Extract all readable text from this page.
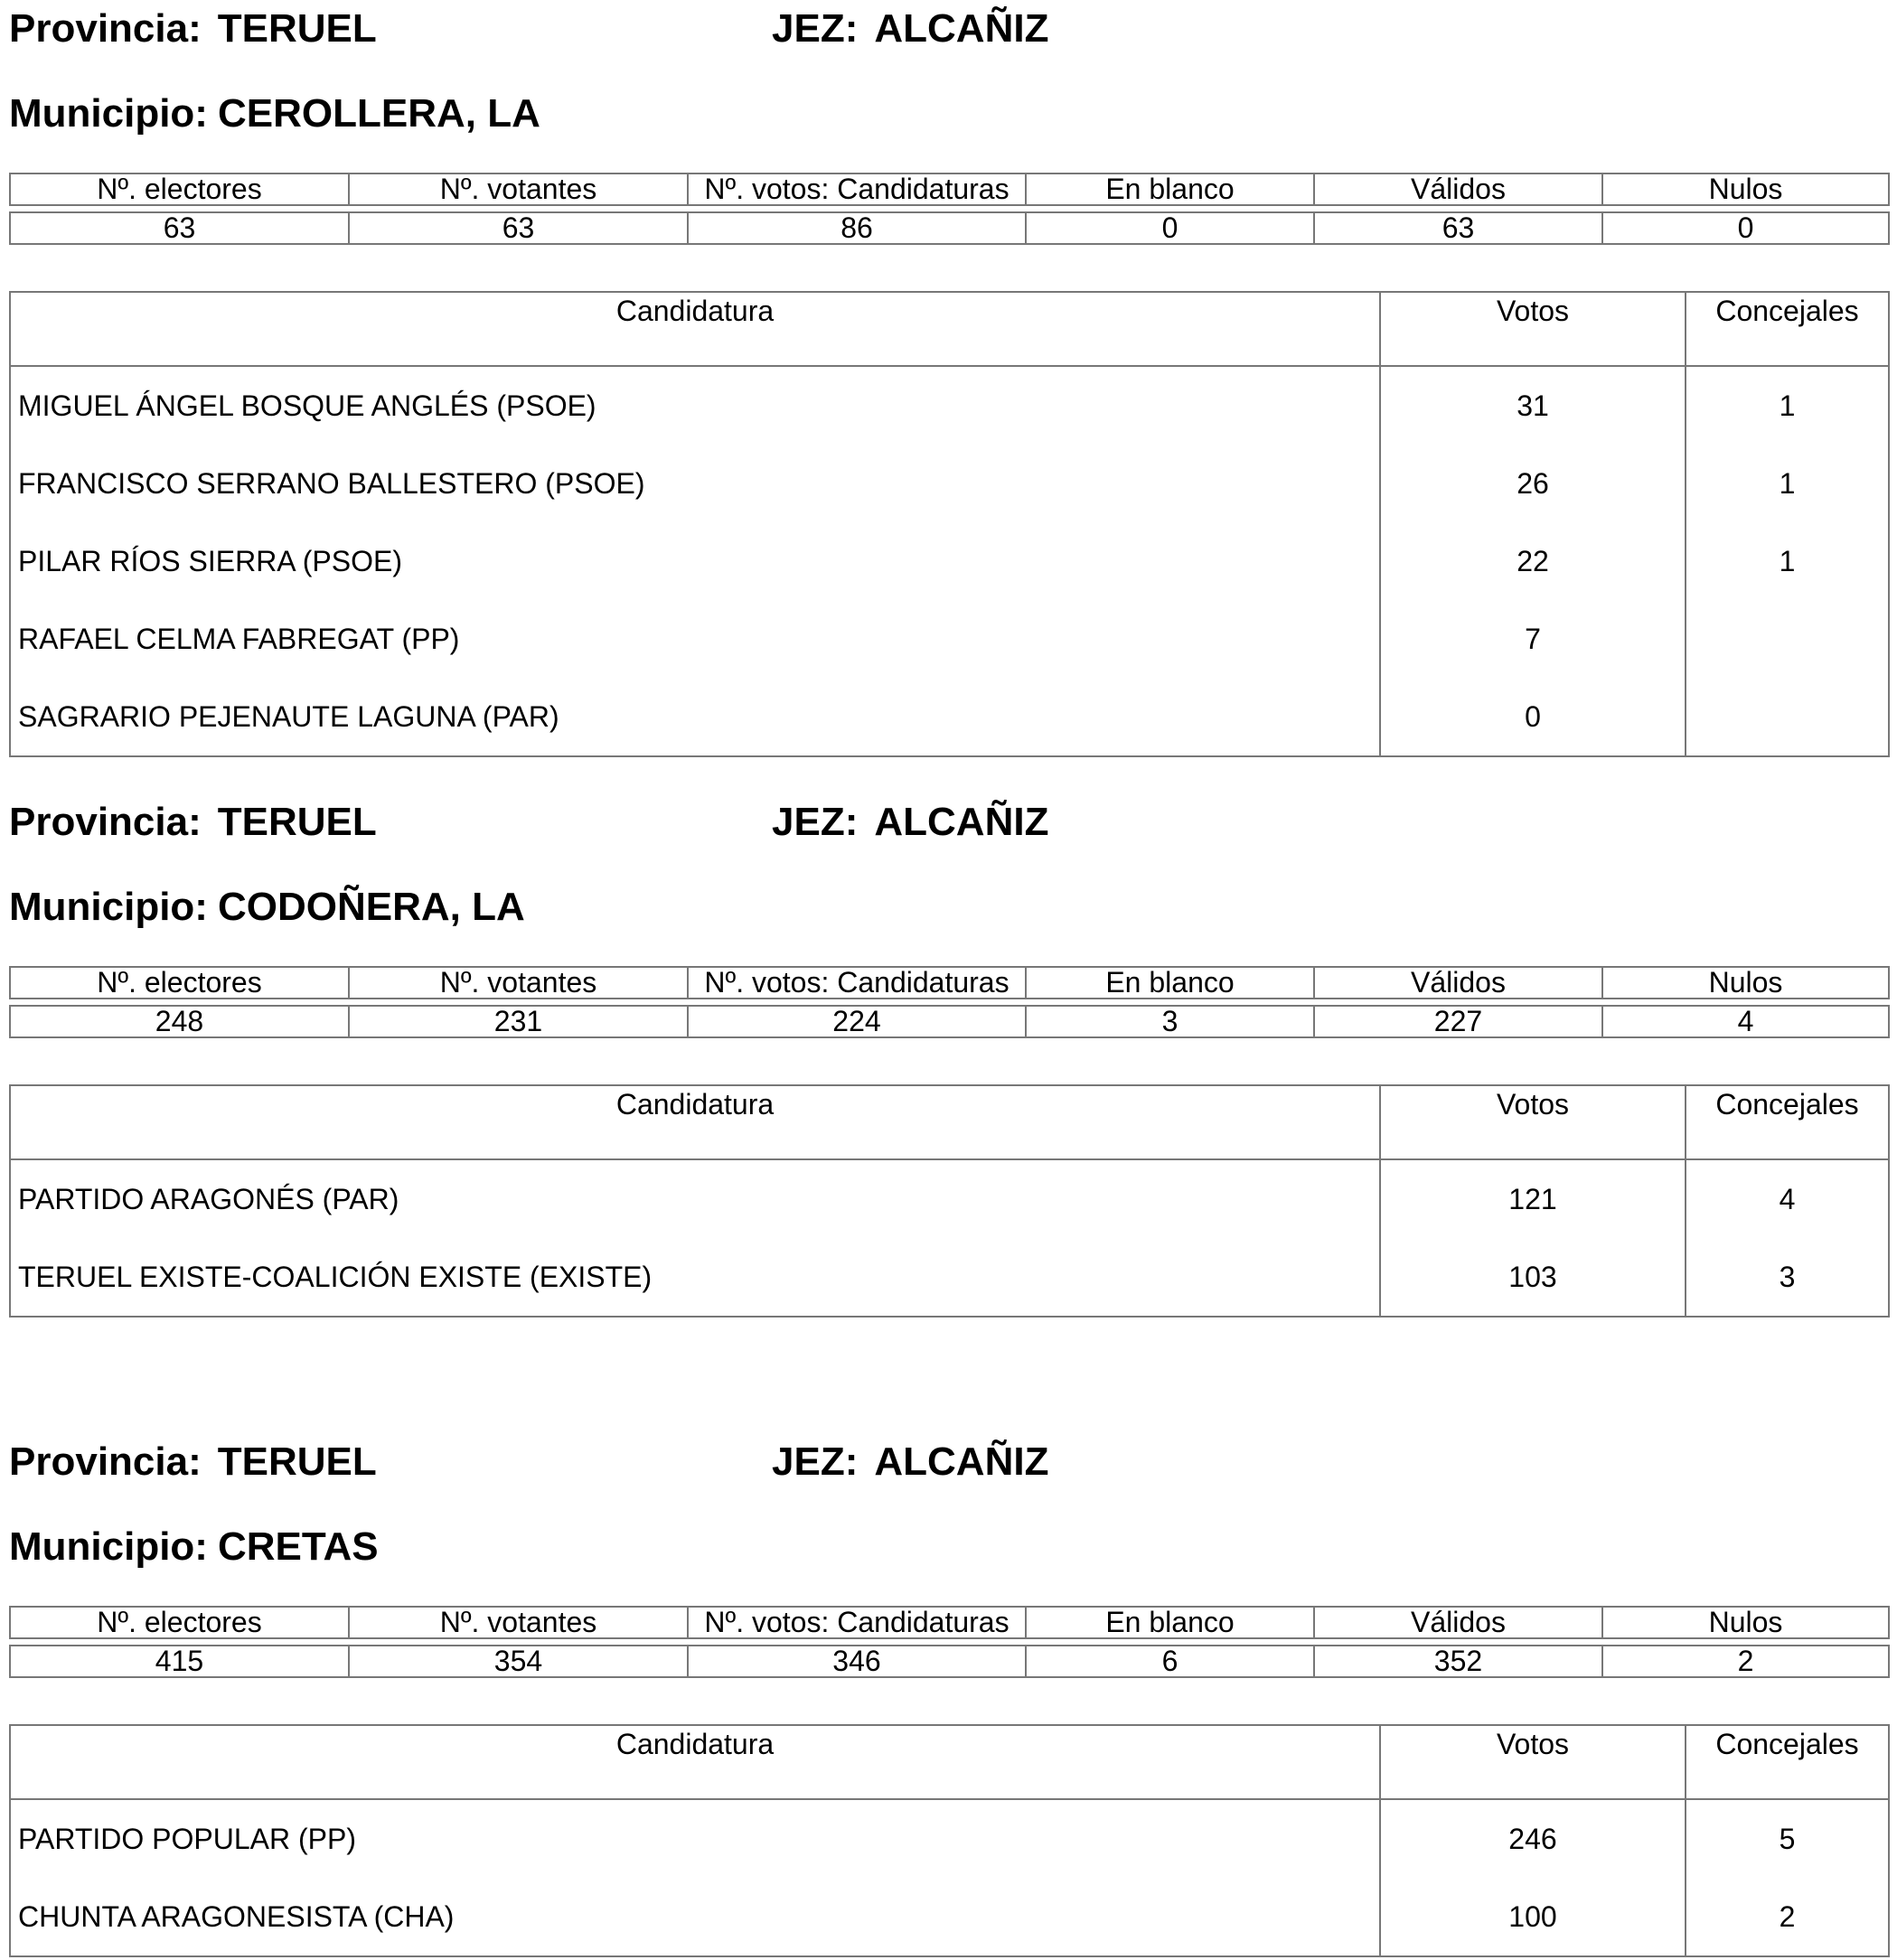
Provincia: TERUEL	JEZ: ALCAÑIZ
Municipio: CEROLLERA, LA
Nº. electores	Nº. votantes	Nº. votos: Candidaturas	En blanco	Válidos	Nulos

63	63	86	0	63	0
Candidatura	Votos	Concejales
MIGUEL ÁNGEL BOSQUE ANGLÉS (PSOE)	31	1
FRANCISCO SERRANO BALLESTERO (PSOE)	26	1
PILAR RÍOS SIERRA (PSOE)	22	1
RAFAEL CELMA FABREGAT (PP)	7	
SAGRARIO PEJENAUTE LAGUNA (PAR)	0	
Provincia: TERUEL	JEZ: ALCAÑIZ
Municipio: CODOÑERA, LA
Nº. electores	Nº. votantes	Nº. votos: Candidaturas	En blanco	Válidos	Nulos

248	231	224	3	227	4
Candidatura	Votos	Concejales
PARTIDO ARAGONÉS (PAR)	121	4
TERUEL EXISTE-COALICIÓN EXISTE (EXISTE)	103	3
Provincia: TERUEL	JEZ: ALCAÑIZ
Municipio: CRETAS
Nº. electores	Nº. votantes	Nº. votos: Candidaturas	En blanco	Válidos	Nulos

415	354	346	6	352	2
Candidatura	Votos	Concejales
PARTIDO POPULAR (PP)	246	5
CHUNTA ARAGONESISTA (CHA)	100	2
